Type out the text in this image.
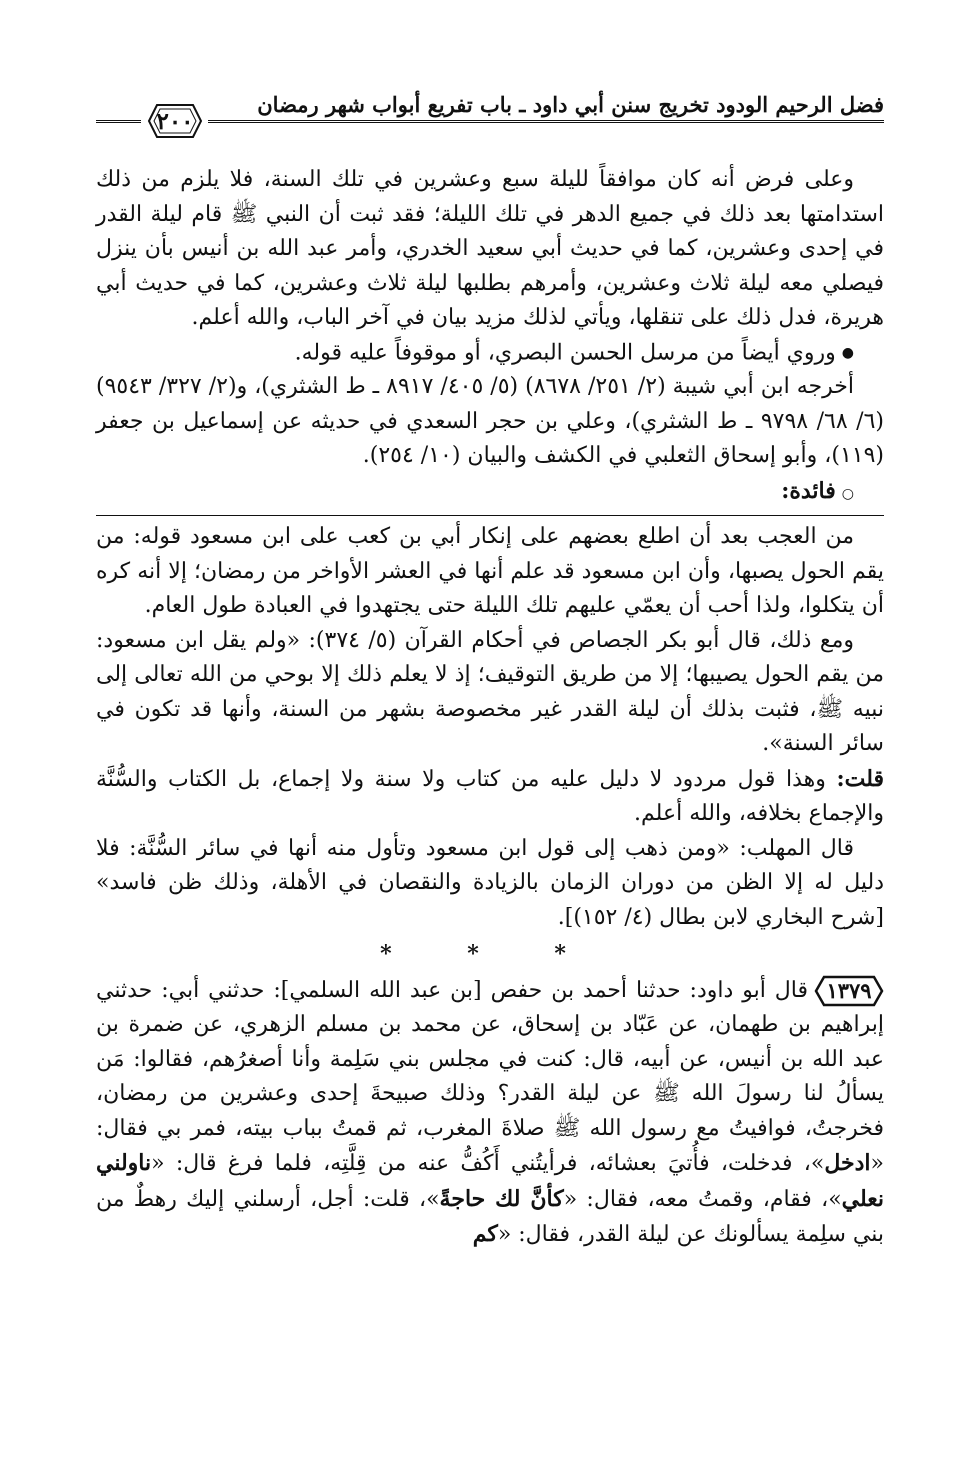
فضل الرحيم الودود تخريج سنن أبي داود ـ باب تفريع أبواب شهر رمضان
٢٠٠

وعلى فرض أنه كان موافقاً لليلة سبع وعشرين في تلك السنة، فلا يلزم من ذلك استدامتها بعد ذلك في جميع الدهر في تلك الليلة؛ فقد ثبت أن النبي ﷺ قام ليلة القدر في إحدى وعشرين، كما في حديث أبي سعيد الخدري، وأمر عبد الله بن أنيس بأن ينزل فيصلي معه ليلة ثلاث وعشرين، وأمرهم بطلبها ليلة ثلاث وعشرين، كما في حديث أبي هريرة، فدل ذلك على تنقلها، ويأتي لذلك مزيد بيان في آخر الباب، والله أعلم.

●وروي أيضاً من مرسل الحسن البصري، أو موقوفاً عليه قوله.

أخرجه ابن أبي شيبة (٢/ ٢٥١/ ٨٦٧٨) (٥/ ٤٠٥/ ٨٩١٧ ـ ط الشثري)، و(٢/ ٣٢٧/ ٩٥٤٣) (٦/ ٦٨/ ٩٧٩٨ ـ ط الشثري)، وعلي بن حجر السعدي في حديثه عن إسماعيل بن جعفر (١١٩)، وأبو إسحاق الثعلبي في الكشف والبيان (١٠/ ٢٥٤).

○فائدة:

من العجب بعد أن اطلع بعضهم على إنكار أبي بن كعب على ابن مسعود قوله: من يقم الحول يصبها، وأن ابن مسعود قد علم أنها في العشر الأواخر من رمضان؛ إلا أنه كره أن يتكلوا، ولذا أحب أن يعمّي عليهم تلك الليلة حتى يجتهدوا في العبادة طول العام.

ومع ذلك، قال أبو بكر الجصاص في أحكام القرآن (٥/ ٣٧٤): «ولم يقل ابن مسعود: من يقم الحول يصيبها؛ إلا من طريق التوقيف؛ إذ لا يعلم ذلك إلا بوحي من الله تعالى إلى نبيه ﷺ، فثبت بذلك أن ليلة القدر غير مخصوصة بشهر من السنة، وأنها قد تكون في سائر السنة».

قلت: وهذا قول مردود لا دليل عليه من كتاب ولا سنة ولا إجماع، بل الكتاب والسُّنَّة والإجماع بخلافه، والله أعلم.

قال المهلب: «ومن ذهب إلى قول ابن مسعود وتأول منه أنها في سائر السُّنَّة: فلا دليل له إلا الظن من دوران الزمان بالزيادة والنقصان في الأهلة، وذلك ظن فاسد» [شرح البخاري لابن بطال (٤/ ١٥٢)].

* * *

١٣٧٩
قال أبو داود: حدثنا أحمد بن حفص [بن عبد الله السلمي]: حدثني أبي: حدثني إبراهيم بن طهمان، عن عَبّاد بن إسحاق، عن محمد بن مسلم الزهري، عن ضمرة بن عبد الله بن أنيس، عن أبيه، قال: كنت في مجلس بني سَلِمة وأنا أصغرُهم، فقالوا: مَن يسألُ لنا رسولَ الله ﷺ عن ليلة القدر؟ وذلك صبيحةَ إحدى وعشرين من رمضان، فخرجتُ، فوافيتُ مع رسول الله ﷺ صلاةَ المغرب، ثم قمتُ بباب بيته، فمر بي فقال: «ادخل»، فدخلت، فأُتيَ بعشائه، فرأيتُني أَكُفُّ عنه من قِلَّتِه، فلما فرغ قال: «ناولني نعلي»، فقام، وقمتُ معه، فقال: «كأنَّ لك حاجةً»، قلت: أجل، أرسلني إليك رهطٌ من بني سلِمة يسألونك عن ليلة القدر، فقال: «كم
